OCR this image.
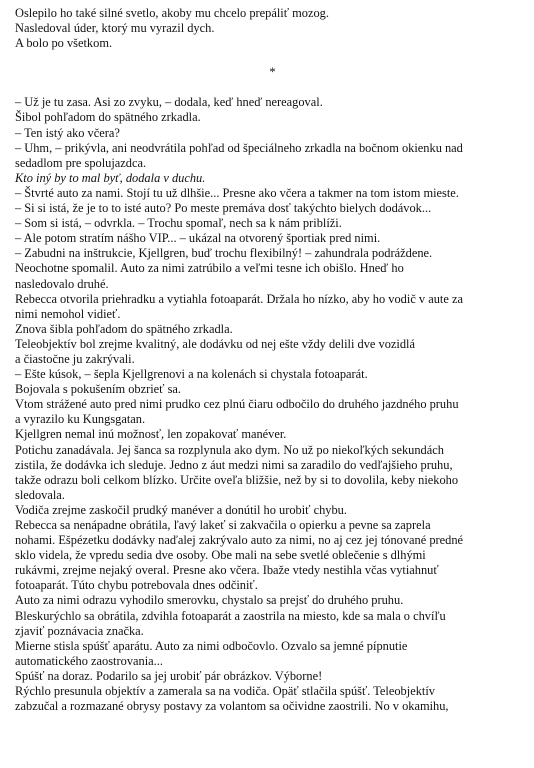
Oslepilo ho také silné svetlo, akoby mu chcelo prepáliť mozog.
Nasledoval úder, ktorý mu vyrazil dych.
A bolo po všetkom.
*
– Už je tu zasa. Asi zo zvyku, – dodala, keď hneď nereagoval.
Šibol pohľadom do spätného zrkadla.
– Ten istý ako včera?
– Uhm, – prikývla, ani neodvrátila pohľad od špeciálneho zrkadla na bočnom okienku nad
sedadlom pre spolujazdca.
Kto iný by to mal byť, dodala v duchu.
– Štvrté auto za nami. Stojí tu už dlhšie... Presne ako včera a takmer na tom istom mieste.
– Si si istá, že je to to isté auto? Po meste premáva dosť takýchto bielych dodávok...
– Som si istá, – odvrkla. – Trochu spomaľ, nech sa k nám priblíži.
– Ale potom stratím nášho VIP... – ukázal na otvorený športiak pred nimi.
– Zabudni na inštrukcie, Kjellgren, buď trochu flexibilný! – zahundrala podráždene.
Neochotne spomalil. Auto za nimi zatrúbilo a veľmi tesne ich obišlo. Hneď ho
nasledovalo druhé.
Rebecca otvorila priehradku a vytiahla fotoaparát. Držala ho nízko, aby ho vodič v aute za
nimi nemohol vidieť.
Znova šibla pohľadom do spätného zrkadla.
Teleobjektív bol zrejme kvalitný, ale dodávku od nej ešte vždy delili dve vozidlá
a čiastočne ju zakrývali.
– Ešte kúsok, – šepla Kjellgrenovi a na kolenách si chystala fotoaparát.
Bojovala s pokušením obzrieť sa.
Vtom strážené auto pred nimi prudko cez plnú čiaru odbočilo do druhého jazdného pruhu
a vyrazilo ku Kungsgatan.
Kjellgren nemal inú možnosť, len zopakovať manéver.
Potichu zanadávala. Jej šanca sa rozplynula ako dym. No už po niekoľkých sekundách
zistila, že dodávka ich sleduje. Jedno z áut medzi nimi sa zaradilo do vedľajšieho pruhu,
takže odrazu boli celkom blízko. Určite oveľa bližšie, než by si to dovolila, keby niekoho
sledovala.
Vodiča zrejme zaskočil prudký manéver a donútil ho urobiť chybu.
Rebecca sa nenápadne obrátila, ľavý lakeť si zakvačila o opierku a pevne sa zaprela
nohami. Ešpézetku dodávky naďalej zakrývalo auto za nimi, no aj cez jej tónované predné
sklo videla, že vpredu sedia dve osoby. Obe mali na sebe svetlé oblečenie s dlhými
rukávmi, zrejme nejaký overal. Presne ako včera. Ibaže vtedy nestihla včas vytiahnuť
fotoaparát. Túto chybu potrebovala dnes odčiniť.
Auto za nimi odrazu vyhodilo smerovku, chystalo sa prejsť do druhého pruhu.
Bleskurýchlo sa obrátila, zdvihla fotoaparát a zaostrila na miesto, kde sa mala o chvíľu
zjaviť poznávacia značka.
Mierne stisla spúšť aparátu. Auto za nimi odbočovlo. Ozvalo sa jemné pípnutie
automatického zaostrovania...
Spúšť na doraz. Podarilo sa jej urobiť pár obrázkov. Výborne!
Rýchlo presunula objektív a zamerala sa na vodiča. Opäť stlačila spúšť. Teleobjektív
zabzučal a rozmazané obrysy postavy za volantom sa očividne zaostrili. No v okamihu,
